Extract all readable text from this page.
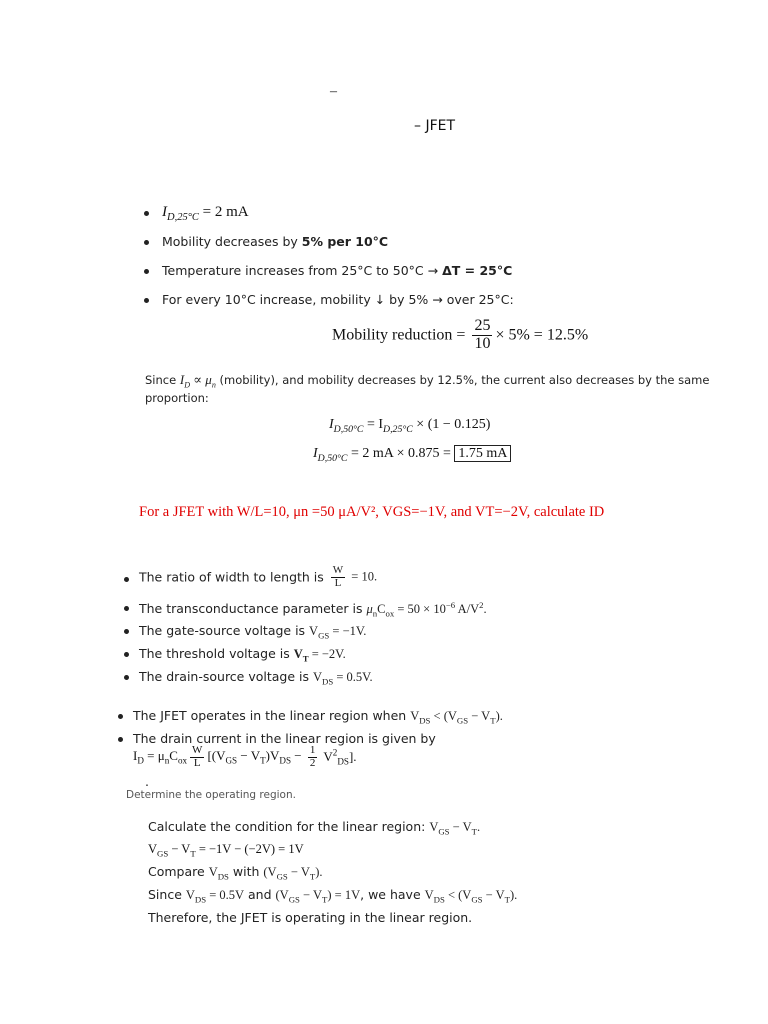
–
– JFET
$I_{D,25^\circ C} = 2$ mA
Mobility decreases by 5% per 10°C
Temperature increases from 25°C to 50°C → ΔT = 25°C
For every 10°C increase, mobility ↓ by 5% → over 25°C:
Mobility reduction = $\frac{25}{10} \times 5\% = 12.5\%$
Since $I_D \propto \mu_n$ (mobility), and mobility decreases by 12.5%, the current also decreases by the same
proportion:
$I_{D,50^\circ C} = I_{D,25^\circ C} \times (1 - 0.125)$
$I_{D,50^\circ C} = 2$ mA × 0.875 = 1.75 mA
For a JFET with W/L=10, μn =50 μA/V², VGS=−1V, and VT=−2V, calculate ID
The ratio of width to length is $\frac{W}{L} = 10$.
The transconductance parameter is $\mu_nC_{ox} = 50 \times 10^{-6}$ $A/V^2$.
The gate-source voltage is $V_{GS} = -1V$.
The threshold voltage is $V_T = -2V$.
The drain-source voltage is $V_{DS} = 0.5V$.
The JFET operates in the linear region when $V_{DS} < (V_{GS} - V_T)$.
The drain current in the linear region is given by
$I_D = \mu_nC_{ox} \frac{W}{L} [(V_{GS} - V_T)V_{DS} - \frac{1}{2} V^2_{DS}]$.
.
Determine the operating region.
Calculate the condition for the linear region: $V_{GS} - V_T$.
$V_{GS} - V_T = -1V - (-2V) = 1V$
Compare $V_{DS}$ with $(V_{GS} - V_T)$.
Since $V_{DS} = 0.5V$ and $(V_{GS} - V_T) = 1V$, we have $V_{DS} < (V_{GS} - V_T)$.
Therefore, the JFET is operating in the linear region.
